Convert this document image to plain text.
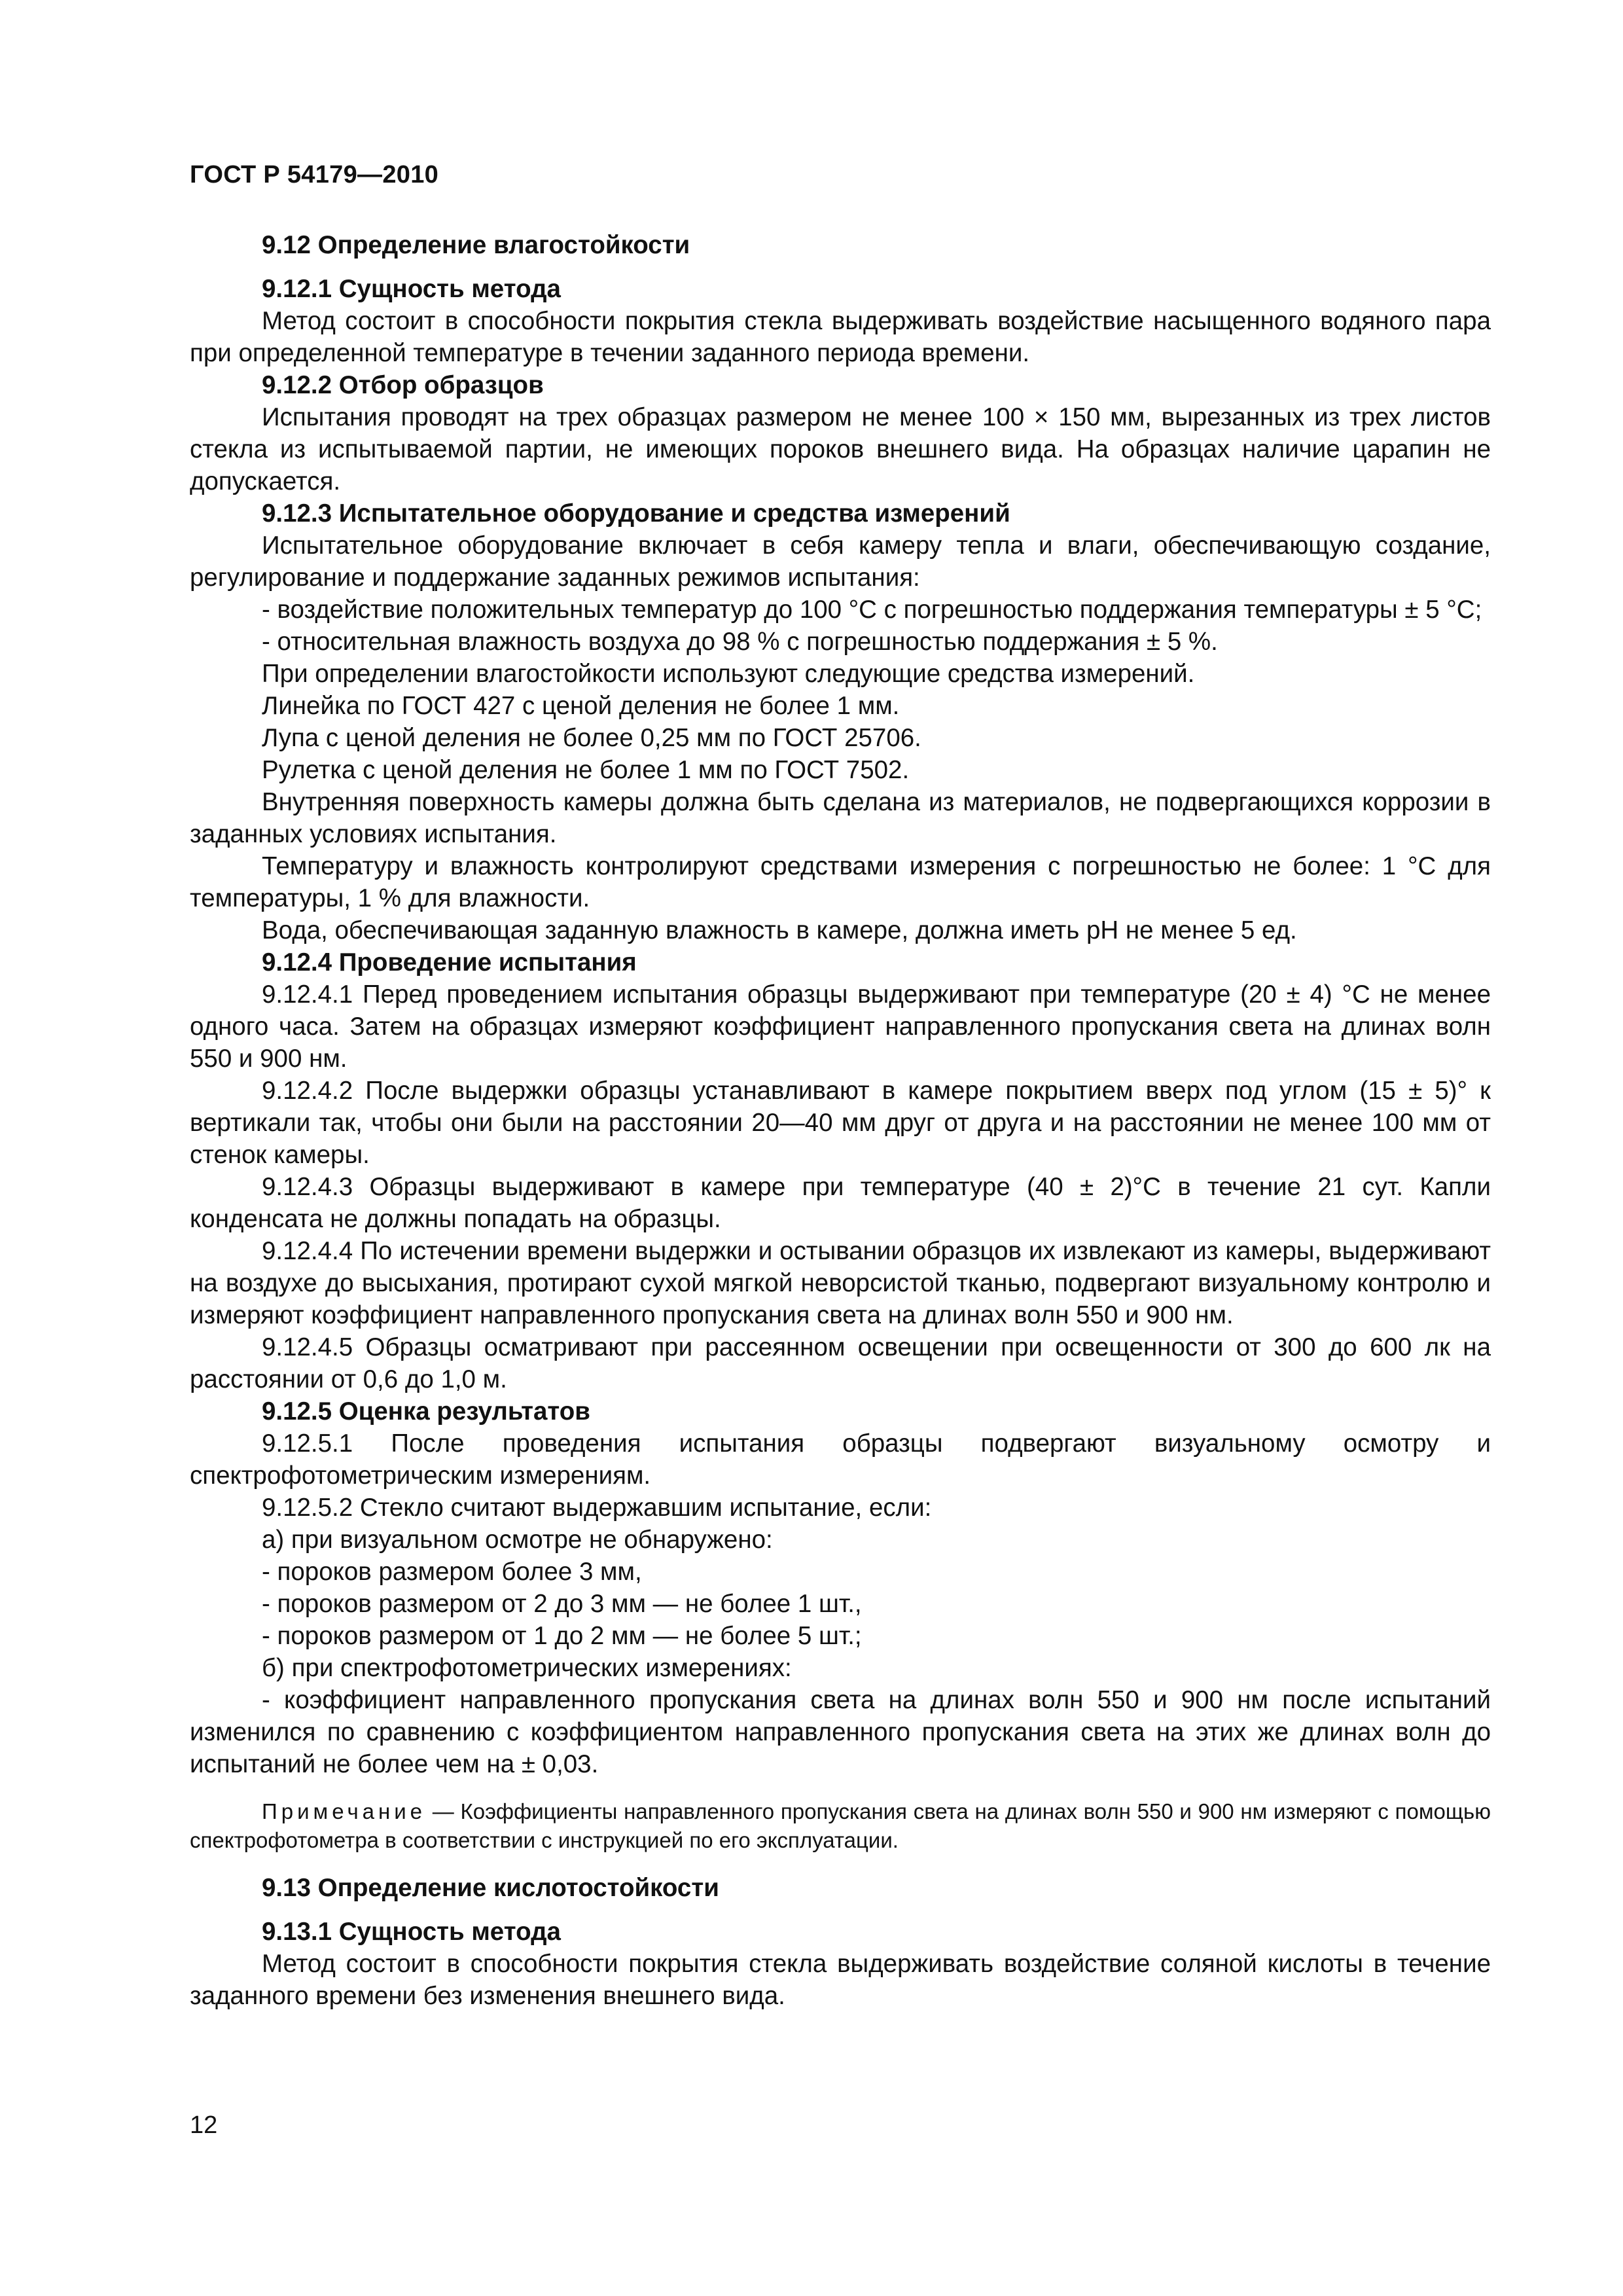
ГОСТ Р 54179—2010

9.12 Определение влагостойкости

9.12.1 Сущность метода

Метод состоит в способности покрытия стекла выдерживать воздействие насыщенного водяного пара при определенной температуре в течении заданного периода времени.

9.12.2 Отбор образцов

Испытания проводят на трех образцах размером не менее 100 × 150 мм, вырезанных из трех листов стекла из испытываемой партии, не имеющих пороков внешнего вида. На образцах наличие царапин не допускается.

9.12.3 Испытательное оборудование и средства измерений

Испытательное оборудование включает в себя камеру тепла и влаги, обеспечивающую создание, регулирование и поддержание заданных режимов испытания:

- воздействие положительных температур до 100 °С с погрешностью поддержания температуры ± 5 °С;

- относительная влажность воздуха до 98 % с погрешностью поддержания ± 5 %.

При определении влагостойкости используют следующие средства измерений.

Линейка по ГОСТ 427 с ценой деления не более 1 мм.

Лупа с ценой деления не более 0,25 мм по ГОСТ 25706.

Рулетка с ценой деления не более 1 мм по ГОСТ 7502.

Внутренняя поверхность камеры должна быть сделана из материалов, не подвергающихся коррозии в заданных условиях испытания.

Температуру и влажность контролируют средствами измерения с погрешностью не более: 1 °С для температуры, 1 % для влажности.

Вода, обеспечивающая заданную влажность в камере, должна иметь pH не менее 5 ед.

9.12.4 Проведение испытания

9.12.4.1 Перед проведением испытания образцы выдерживают при температуре (20 ± 4) °С не менее одного часа. Затем на образцах измеряют коэффициент направленного пропускания света на длинах волн 550 и 900 нм.

9.12.4.2 После выдержки образцы устанавливают в камере покрытием вверх под углом (15 ± 5)° к вертикали так, чтобы они были на расстоянии 20—40 мм друг от друга и на расстоянии не менее 100 мм от стенок камеры.

9.12.4.3 Образцы выдерживают в камере при температуре (40 ± 2)°С в течение 21 сут. Капли конденсата не должны попадать на образцы.

9.12.4.4 По истечении времени выдержки и остывании образцов их извлекают из камеры, выдерживают на воздухе до высыхания, протирают сухой мягкой неворсистой тканью, подвергают визуальному контролю и измеряют коэффициент направленного пропускания света на длинах волн 550 и 900 нм.

9.12.4.5 Образцы осматривают при рассеянном освещении при освещенности от 300 до 600 лк на расстоянии от 0,6 до 1,0 м.

9.12.5 Оценка результатов

9.12.5.1 После проведения испытания образцы подвергают визуальному осмотру и спектрофотометрическим измерениям.

9.12.5.2 Стекло считают выдержавшим испытание, если:

а) при визуальном осмотре не обнаружено:

- пороков размером более 3 мм,

- пороков размером от 2 до 3 мм — не более 1 шт.,

- пороков размером от 1 до 2 мм — не более 5 шт.;

б) при спектрофотометрических измерениях:

- коэффициент направленного пропускания света на длинах волн 550 и 900 нм после испытаний изменился по сравнению с коэффициентом направленного пропускания света на этих же длинах волн до испытаний не более чем на ± 0,03.

Примечание — Коэффициенты направленного пропускания света на длинах волн 550 и 900 нм измеряют с помощью спектрофотометра в соответствии с инструкцией по его эксплуатации.

9.13 Определение кислотостойкости

9.13.1 Сущность метода

Метод состоит в способности покрытия стекла выдерживать воздействие соляной кислоты в течение заданного времени без изменения внешнего вида.

12
